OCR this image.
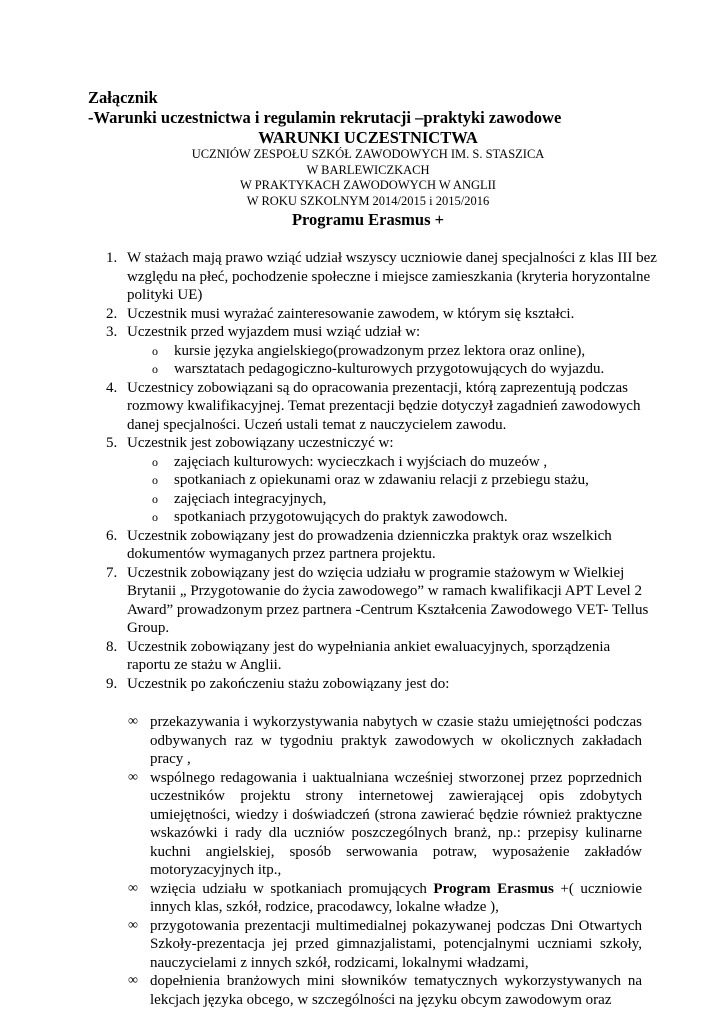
Załącznik
-Warunki uczestnictwa i regulamin rekrutacji –praktyki zawodowe
WARUNKI UCZESTNICTWA
UCZNIÓW ZESPOŁU SZKÓŁ ZAWODOWYCH IM. S. STASZICA
W BARLEWICZKACH
W PRAKTYKACH ZAWODOWYCH W ANGLII
W ROKU SZKOLNYM 2014/2015 i 2015/2016
Programu Erasmus +
1. W stażach mają prawo wziąć udział wszyscy uczniowie danej specjalności z klas III bez względu na płeć, pochodzenie społeczne i miejsce zamieszkania (kryteria horyzontalne polityki UE)
2. Uczestnik musi wyrażać zainteresowanie zawodem, w którym się kształci.
3. Uczestnik przed wyjazdem musi wziąć udział w:
o kursie języka angielskiego(prowadzonym przez lektora oraz online),
o warsztatach pedagogiczno-kulturowych przygotowujących do wyjazdu.
4. Uczestnicy zobowiązani są do opracowania prezentacji, którą zaprezentują podczas rozmowy kwalifikacyjnej. Temat prezentacji będzie dotyczył zagadnień zawodowych danej specjalności. Uczeń ustali temat z nauczycielem zawodu.
5. Uczestnik jest zobowiązany uczestniczyć w:
o zajęciach kulturowych: wycieczkach i wyjściach do muzeów ,
o spotkaniach z opiekunami oraz w zdawaniu relacji z przebiegu stażu,
o zajęciach integracyjnych,
o spotkaniach przygotowujących do praktyk zawodowch.
6. Uczestnik zobowiązany jest do prowadzenia dzienniczka praktyk oraz wszelkich dokumentów wymaganych przez partnera projektu.
7. Uczestnik zobowiązany jest do wzięcia udziału w programie stażowym w Wielkiej Brytanii „ Przygotowanie do życia zawodowego” w ramach kwalifikacji APT Level 2 Award” prowadzonym przez partnera -Centrum Kształcenia Zawodowego VET- Tellus Group.
8. Uczestnik zobowiązany jest do wypełniania ankiet ewaluacyjnych, sporządzenia raportu ze stażu w Anglii.
9. Uczestnik po zakończeniu stażu zobowiązany jest do:
∞ przekazywania i wykorzystywania nabytych w czasie stażu umiejętności podczas odbywanych raz w tygodniu praktyk zawodowych w okolicznych zakładach pracy ,
∞ wspólnego redagowania i uaktualniana wcześniej stworzonej przez poprzednich uczestników projektu strony internetowej zawierającej opis zdobytych umiejętności, wiedzy i doświadczeń (strona zawierać będzie również praktyczne wskazówki i rady dla uczniów poszczególnych branż, np.: przepisy kulinarne kuchni angielskiej, sposób serwowania potraw, wyposażenie zakładów motoryzacyjnych itp.,
∞ wzięcia udziału w spotkaniach promujących Program Erasmus +( uczniowie innych klas, szkół, rodzice, pracodawcy, lokalne władze ),
∞ przygotowania prezentacji multimedialnej pokazywanej podczas Dni Otwartych Szkoły-prezentacja jej przed gimnazjalistami, potencjalnymi uczniami szkoły, nauczycielami z innych szkół, rodzicami, lokalnymi władzami,
∞ dopełnienia branżowych mini słowników tematycznych wykorzystywanych na lekcjach języka obcego, w szczególności na języku obcym zawodowym oraz
